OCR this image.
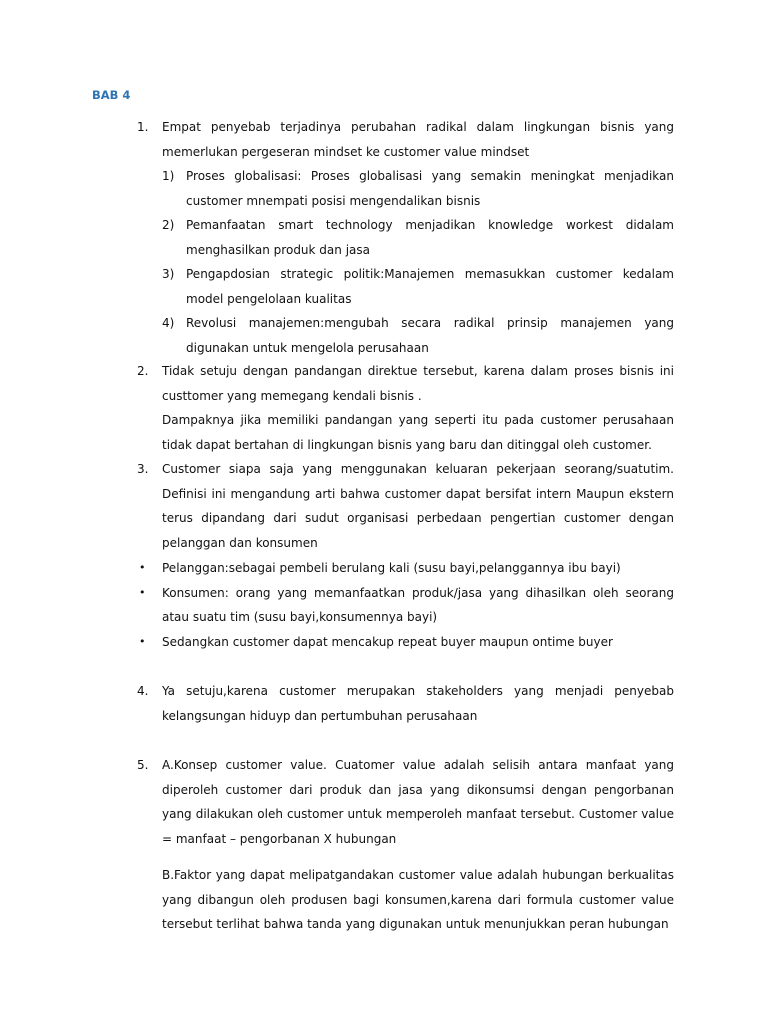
BAB 4
1. Empat penyebab terjadinya perubahan radikal dalam lingkungan bisnis yang memerlukan pergeseran mindset ke customer value mindset
1) Proses globalisasi: Proses globalisasi yang semakin meningkat menjadikan customer mnempati posisi mengendalikan bisnis
2) Pemanfaatan smart technology menjadikan knowledge workest didalam menghasilkan produk dan jasa
3) Pengapdosian strategic politik:Manajemen memasukkan customer kedalam model pengelolaan kualitas
4) Revolusi manajemen:mengubah secara radikal prinsip manajemen yang digunakan untuk mengelola perusahaan
2. Tidak setuju dengan pandangan direktue tersebut, karena dalam proses bisnis ini custtomer yang memegang kendali bisnis .
Dampaknya jika memiliki pandangan yang seperti itu pada customer perusahaan tidak dapat bertahan di lingkungan bisnis yang baru dan ditinggal oleh customer.
3. Customer siapa saja yang menggunakan keluaran pekerjaan seorang/suatutim. Definisi ini mengandung arti bahwa customer dapat bersifat intern Maupun ekstern terus dipandang dari sudut organisasi perbedaan pengertian customer dengan pelanggan dan konsumen
• Pelanggan:sebagai pembeli berulang kali (susu bayi,pelanggannya ibu bayi)
• Konsumen: orang yang memanfaatkan produk/jasa yang dihasilkan oleh seorang atau suatu tim (susu bayi,konsumennya bayi)
• Sedangkan customer dapat mencakup repeat buyer maupun ontime buyer
4. Ya setuju,karena customer merupakan stakeholders yang menjadi penyebab kelangsungan hiduyp dan pertumbuhan perusahaan
5. A.Konsep customer value. Cuatomer value adalah selisih antara manfaat yang diperoleh customer dari produk dan jasa yang dikonsumsi dengan pengorbanan yang dilakukan oleh customer untuk memperoleh manfaat tersebut. Customer value = manfaat – pengorbanan X hubungan
B.Faktor yang dapat melipatgandakan customer value adalah hubungan berkualitas yang dibangun oleh produsen bagi konsumen,karena dari formula customer value tersebut terlihat bahwa tanda yang digunakan untuk menunjukkan peran hubungan
